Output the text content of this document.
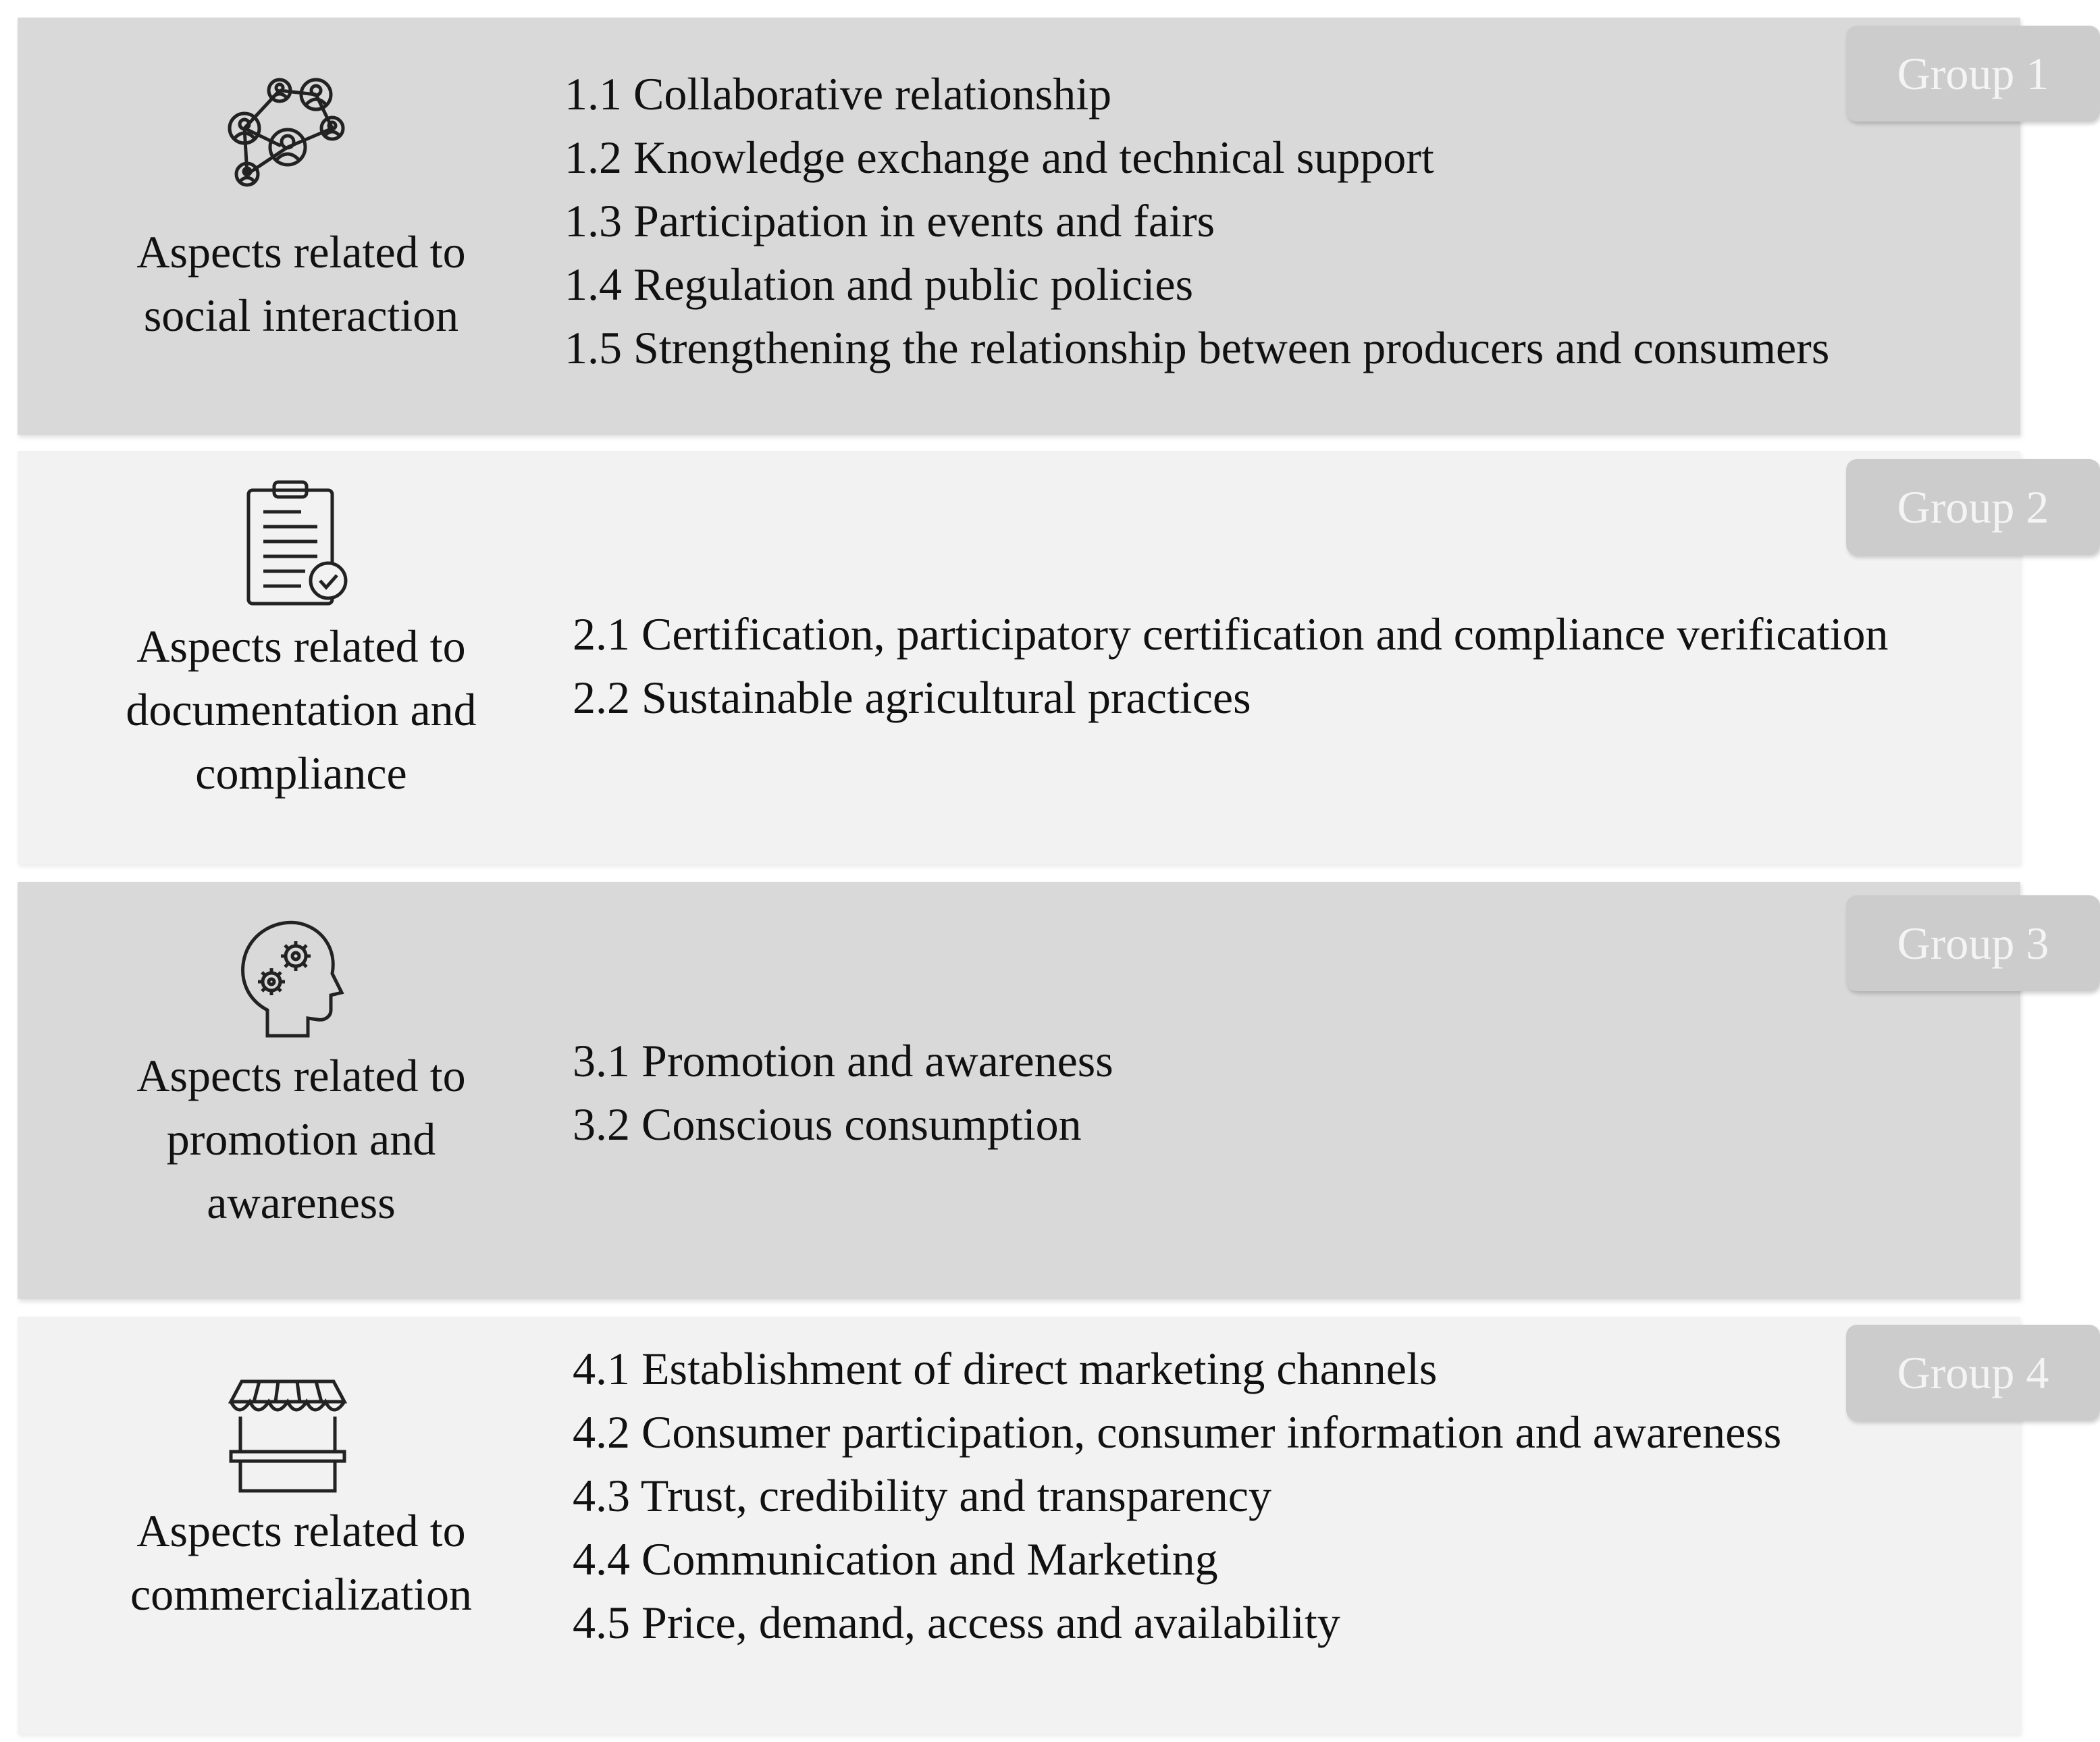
Aspects related to
social interaction
1.1 Collaborative relationship
1.2 Knowledge exchange and technical support
1.3 Participation in events and fairs
1.4 Regulation and public policies
1.5 Strengthening the relationship between producers and consumers
Aspects related to
documentation and
compliance
2.1 Certification, participatory certification and compliance verification
2.2 Sustainable agricultural practices
Aspects related to
promotion and
awareness
3.1 Promotion and awareness
3.2 Conscious consumption
Aspects related to
commercialization
4.1 Establishment of direct marketing channels
4.2 Consumer participation, consumer information and awareness
4.3 Trust, credibility and transparency
4.4 Communication and Marketing
4.5 Price, demand, access and availability
Group 1
Group 2
Group 3
Group 4
